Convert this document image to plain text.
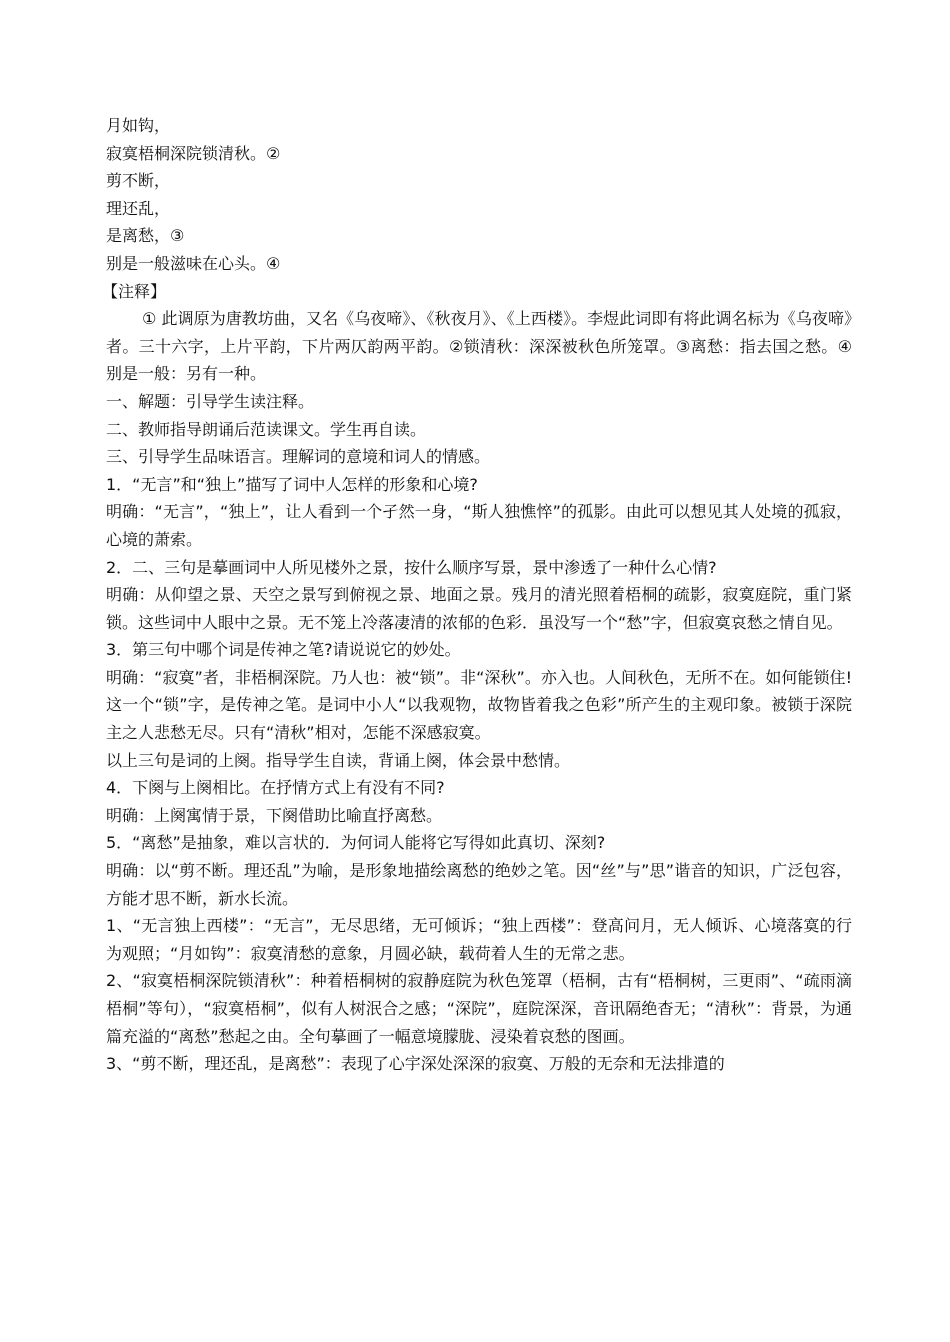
月如钩，
寂寞梧桐深院锁清秋。②
剪不断，
理还乱，
是离愁，③
别是一般滋味在心头。④
【注释】
① 此调原为唐教坊曲，又名《乌夜啼》、《秋夜月》、《上西楼》。李煜此词即有将此调名标为《乌夜啼》者。三十六字，上片平韵，下片两仄韵两平韵。②锁清秋：深深被秋色所笼罩。③离愁：指去国之愁。④别是一般：另有一种。
一、解题：引导学生读注释。
二、教师指导朗诵后范读课文。学生再自读。
三、引导学生品味语言。理解词的意境和词人的情感。
1．“无言”和“独上”描写了词中人怎样的形象和心境?
明确：“无言”，“独上”，让人看到一个孑然一身，“斯人独憔悴”的孤影。由此可以想见其人处境的孤寂，心境的萧索。
2．二、三句是摹画词中人所见楼外之景，按什么顺序写景，景中渗透了一种什么心情?
明确：从仰望之景、天空之景写到俯视之景、地面之景。残月的清光照着梧桐的疏影，寂寞庭院，重门紧锁。这些词中人眼中之景。无不笼上冷落凄清的浓郁的色彩．虽没写一个“愁”字，但寂寞哀愁之情自见。
3．第三句中哪个词是传神之笔?请说说它的妙处。
明确：“寂寞”者，非梧桐深院。乃人也：被“锁”。非“深秋”。亦入也。人间秋色，无所不在。如何能锁住!这一个“锁”字，是传神之笔。是词中小人“以我观物，故物皆着我之色彩”所产生的主观印象。被锁于深院主之人悲愁无尽。只有“清秋”相对，怎能不深感寂寞。
以上三句是词的上阕。指导学生自读，背诵上阕，体会景中愁情。
4．下阕与上阕相比。在抒情方式上有没有不同?
明确：上阕寓情于景，下阕借助比喻直抒离愁。
5．“离愁”是抽象，难以言状的．为何词人能将它写得如此真切、深刻?
明确：以“剪不断。理还乱”为喻，是形象地描绘离愁的绝妙之笔。因“丝”与”思”谐音的知识，广泛包容，方能才思不断，新水长流。
1、“无言独上西楼”：“无言”，无尽思绪，无可倾诉；“独上西楼”：登高问月，无人倾诉、心境落寞的行为观照；“月如钩”：寂寞清愁的意象，月圆必缺，载荷着人生的无常之悲。
2、“寂寞梧桐深院锁清秋”：种着梧桐树的寂静庭院为秋色笼罩（梧桐，古有“梧桐树，三更雨”、“疏雨滴梧桐”等句），“寂寞梧桐”，似有人树泯合之感；“深院”，庭院深深，音讯隔绝杳无；“清秋”：背景，为通篇充溢的“离愁”愁起之由。全句摹画了一幅意境朦胧、浸染着哀愁的图画。
3、“剪不断，理还乱，是离愁”：表现了心宇深处深深的寂寞、万般的无奈和无法排遣的
